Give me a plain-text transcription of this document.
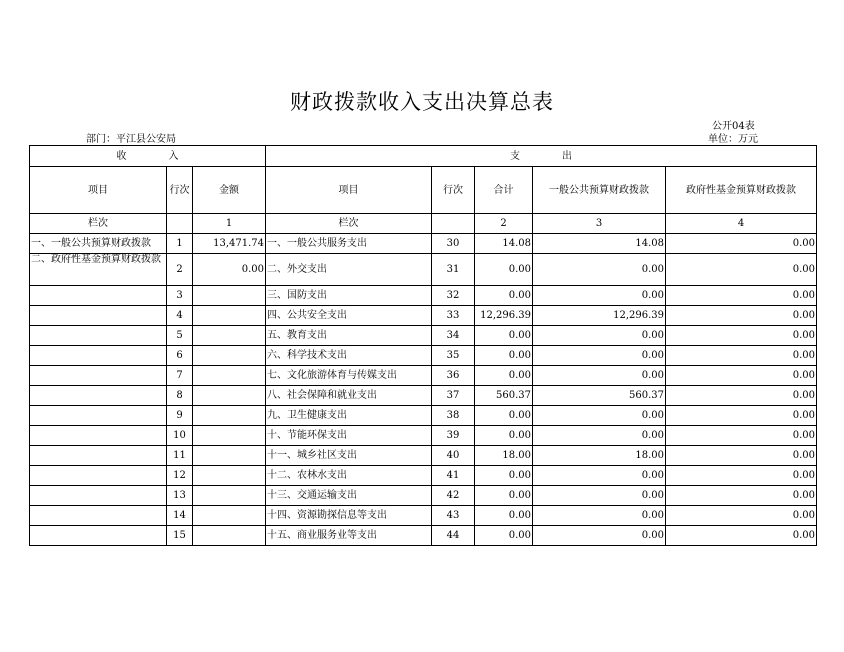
财政拨款收入支出决算总表
公开04表
部门：平江县公安局	单位：万元
收 入			支 出				
项目	行次	金额	项目	行次	合计	一般公共预算财政拨款	政府性基金预算财政拨款
栏次		1	栏次		2	3	4
一、一般公共预算财政拨款	1	13,471.74	一、一般公共服务支出	30	14.08	14.08	0.00
二、政府性基金预算财政拨款	2	0.00	二、外交支出	31	0.00	0.00	0.00
	3		三、国防支出	32	0.00	0.00	0.00
	4		四、公共安全支出	33	12,296.39	12,296.39	0.00
	5		五、教育支出	34	0.00	0.00	0.00
	6		六、科学技术支出	35	0.00	0.00	0.00
	7		七、文化旅游体育与传媒支出	36	0.00	0.00	0.00
	8		八、社会保障和就业支出	37	560.37	560.37	0.00
	9		九、卫生健康支出	38	0.00	0.00	0.00
	10		十、节能环保支出	39	0.00	0.00	0.00
	11		十一、城乡社区支出	40	18.00	18.00	0.00
	12		十二、农林水支出	41	0.00	0.00	0.00
	13		十三、交通运输支出	42	0.00	0.00	0.00
	14		十四、资源勘探信息等支出	43	0.00	0.00	0.00
	15		十五、商业服务业等支出	44	0.00	0.00	0.00
